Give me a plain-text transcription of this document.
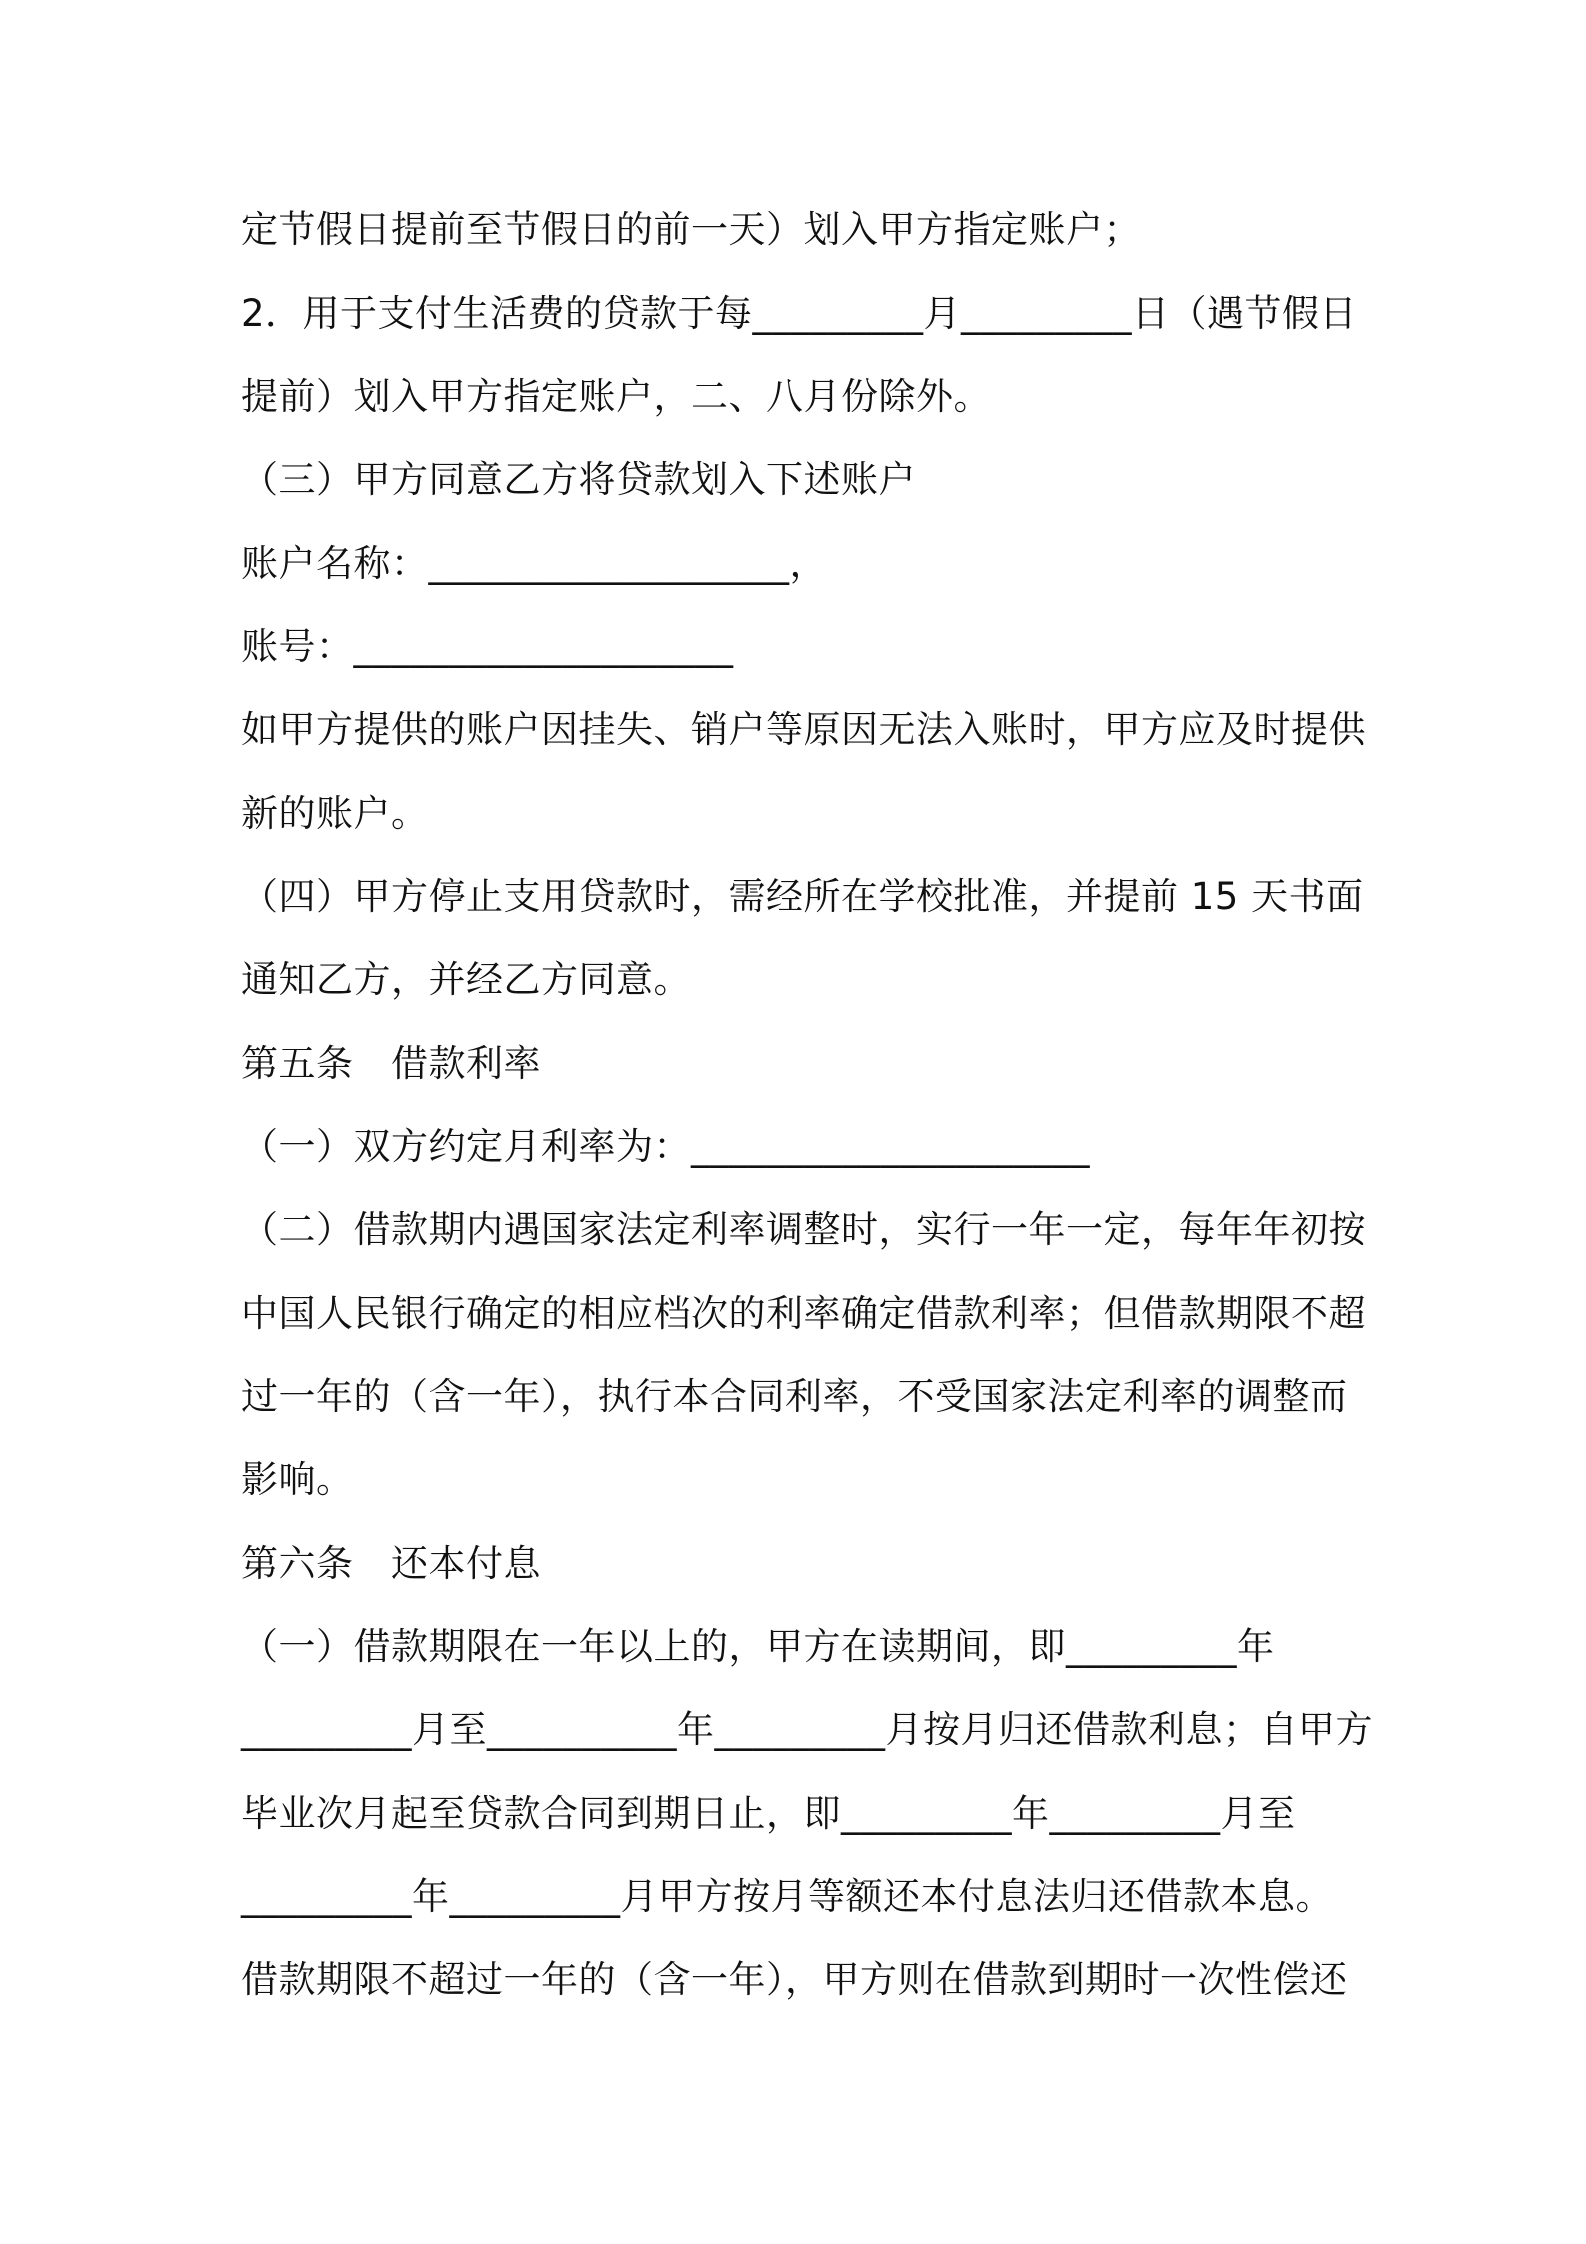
定节假日提前至节假日的前一天）划入甲方指定账户；
2．用于支付生活费的贷款于每_________月_________日（遇节假日
提前）划入甲方指定账户，二、八月份除外。
（三）甲方同意乙方将贷款划入下述账户
账户名称：___________________，
账号：____________________
如甲方提供的账户因挂失、销户等原因无法入账时，甲方应及时提供
新的账户。
（四）甲方停止支用贷款时，需经所在学校批准，并提前 15 天书面
通知乙方，并经乙方同意。
第五条　借款利率
（一）双方约定月利率为：_____________________
（二）借款期内遇国家法定利率调整时，实行一年一定，每年年初按
中国人民银行确定的相应档次的利率确定借款利率；但借款期限不超
过一年的（含一年），执行本合同利率，不受国家法定利率的调整而
影响。
第六条　还本付息
（一）借款期限在一年以上的，甲方在读期间，即_________年
_________月至__________年_________月按月归还借款利息；自甲方
毕业次月起至贷款合同到期日止，即_________年_________月至
_________年_________月甲方按月等额还本付息法归还借款本息。
借款期限不超过一年的（含一年），甲方则在借款到期时一次性偿还
